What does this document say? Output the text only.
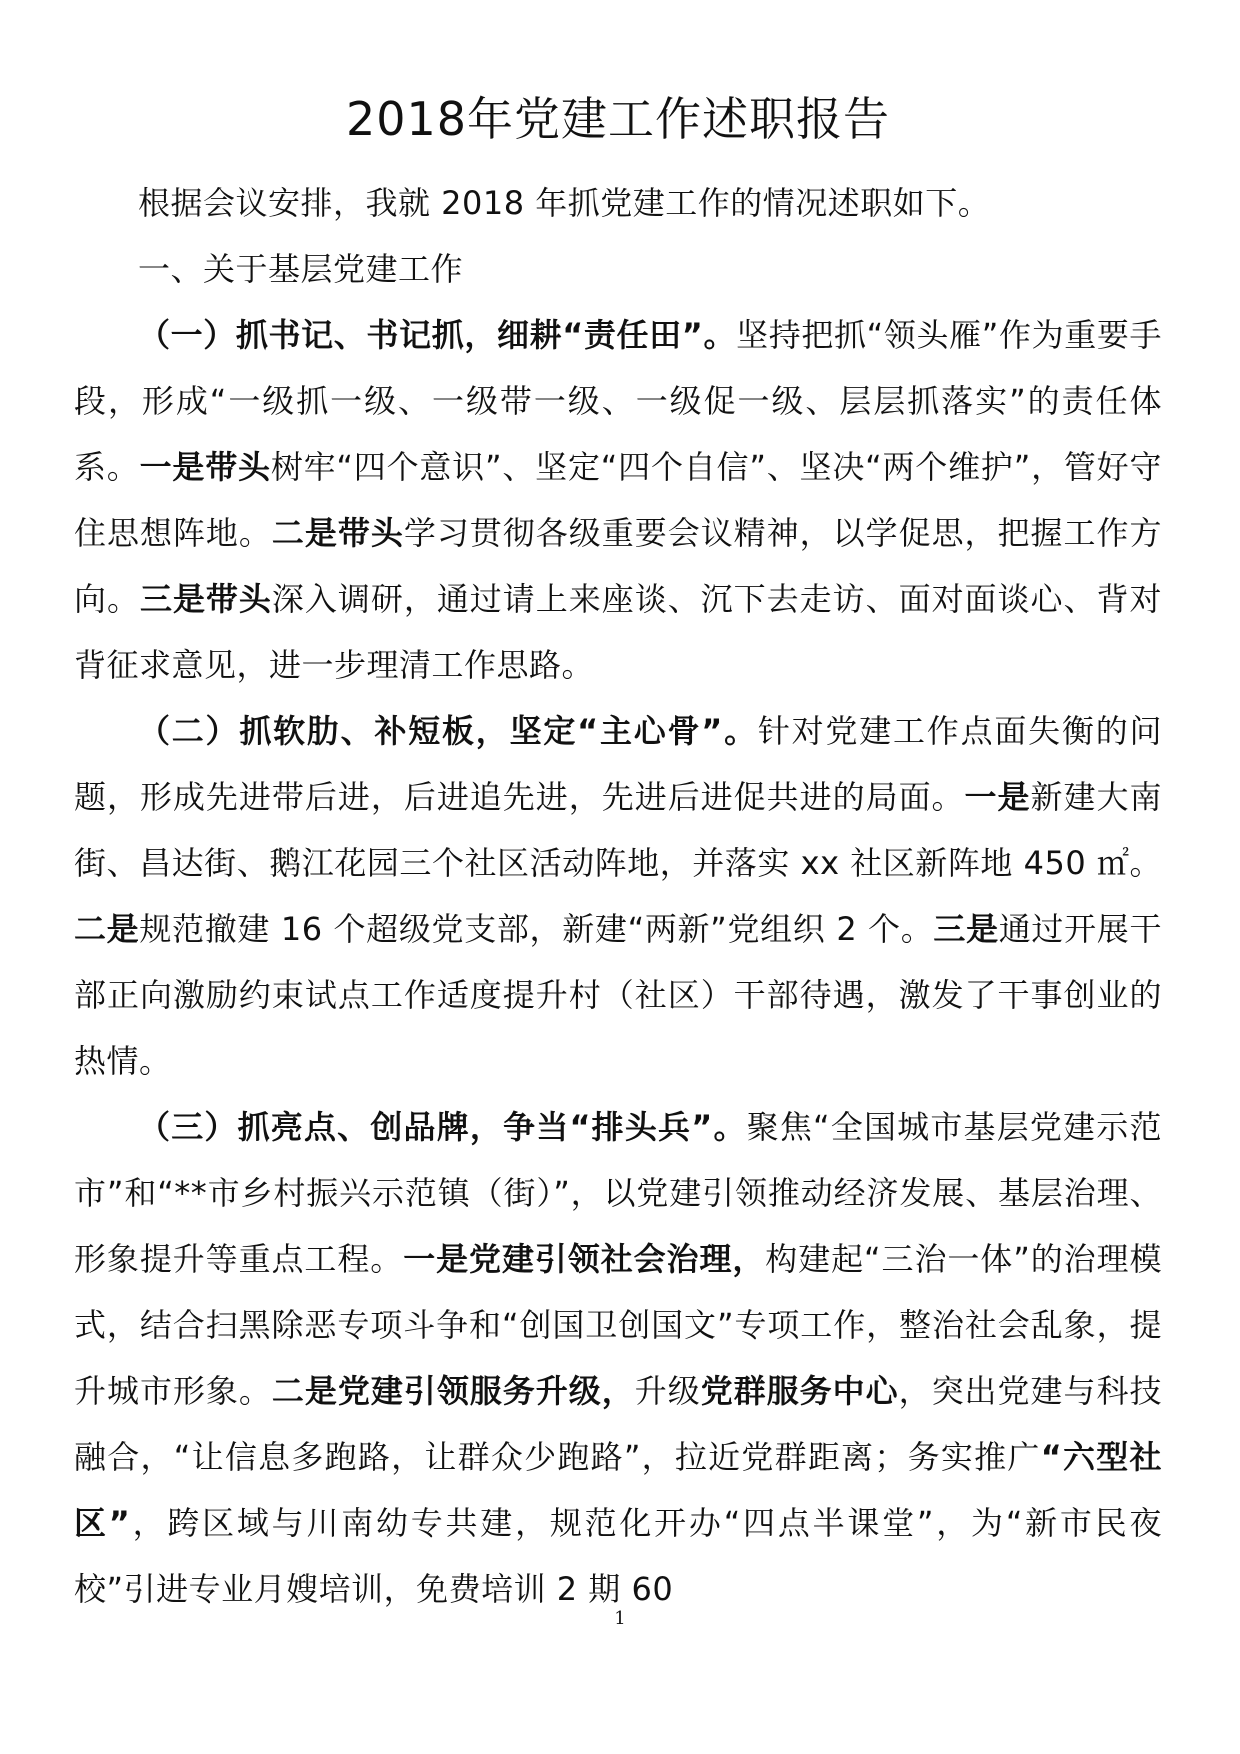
2018年党建工作述职报告

根据会议安排，我就 2018 年抓党建工作的情况述职如下。

一、关于基层党建工作

（一）抓书记、书记抓，细耕“责任田”。坚持把抓“领头雁”作为重要手段，形成“一级抓一级、一级带一级、一级促一级、层层抓落实”的责任体系。一是带头树牢“四个意识”、坚定“四个自信”、坚决“两个维护”，管好守住思想阵地。二是带头学习贯彻各级重要会议精神，以学促思，把握工作方向。三是带头深入调研，通过请上来座谈、沉下去走访、面对面谈心、背对背征求意见，进一步理清工作思路。

（二）抓软肋、补短板，坚定“主心骨”。针对党建工作点面失衡的问题，形成先进带后进，后进追先进，先进后进促共进的局面。一是新建大南街、昌达街、鹅江花园三个社区活动阵地，并落实 xx 社区新阵地 450 ㎡。二是规范撤建 16 个超级党支部，新建“两新”党组织 2 个。三是通过开展干部正向激励约束试点工作适度提升村（社区）干部待遇，激发了干事创业的热情。

（三）抓亮点、创品牌，争当“排头兵”。聚焦“全国城市基层党建示范市”和“**市乡村振兴示范镇（街）”，以党建引领推动经济发展、基层治理、形象提升等重点工程。一是党建引领社会治理，构建起“三治一体”的治理模式，结合扫黑除恶专项斗争和“创国卫创国文”专项工作，整治社会乱象，提升城市形象。二是党建引领服务升级，升级党群服务中心，突出党建与科技融合，“让信息多跑路，让群众少跑路”，拉近党群距离；务实推广“六型社区”，跨区域与川南幼专共建，规范化开办“四点半课堂”，为“新市民夜校”引进专业月嫂培训，免费培训 2 期 60

1
